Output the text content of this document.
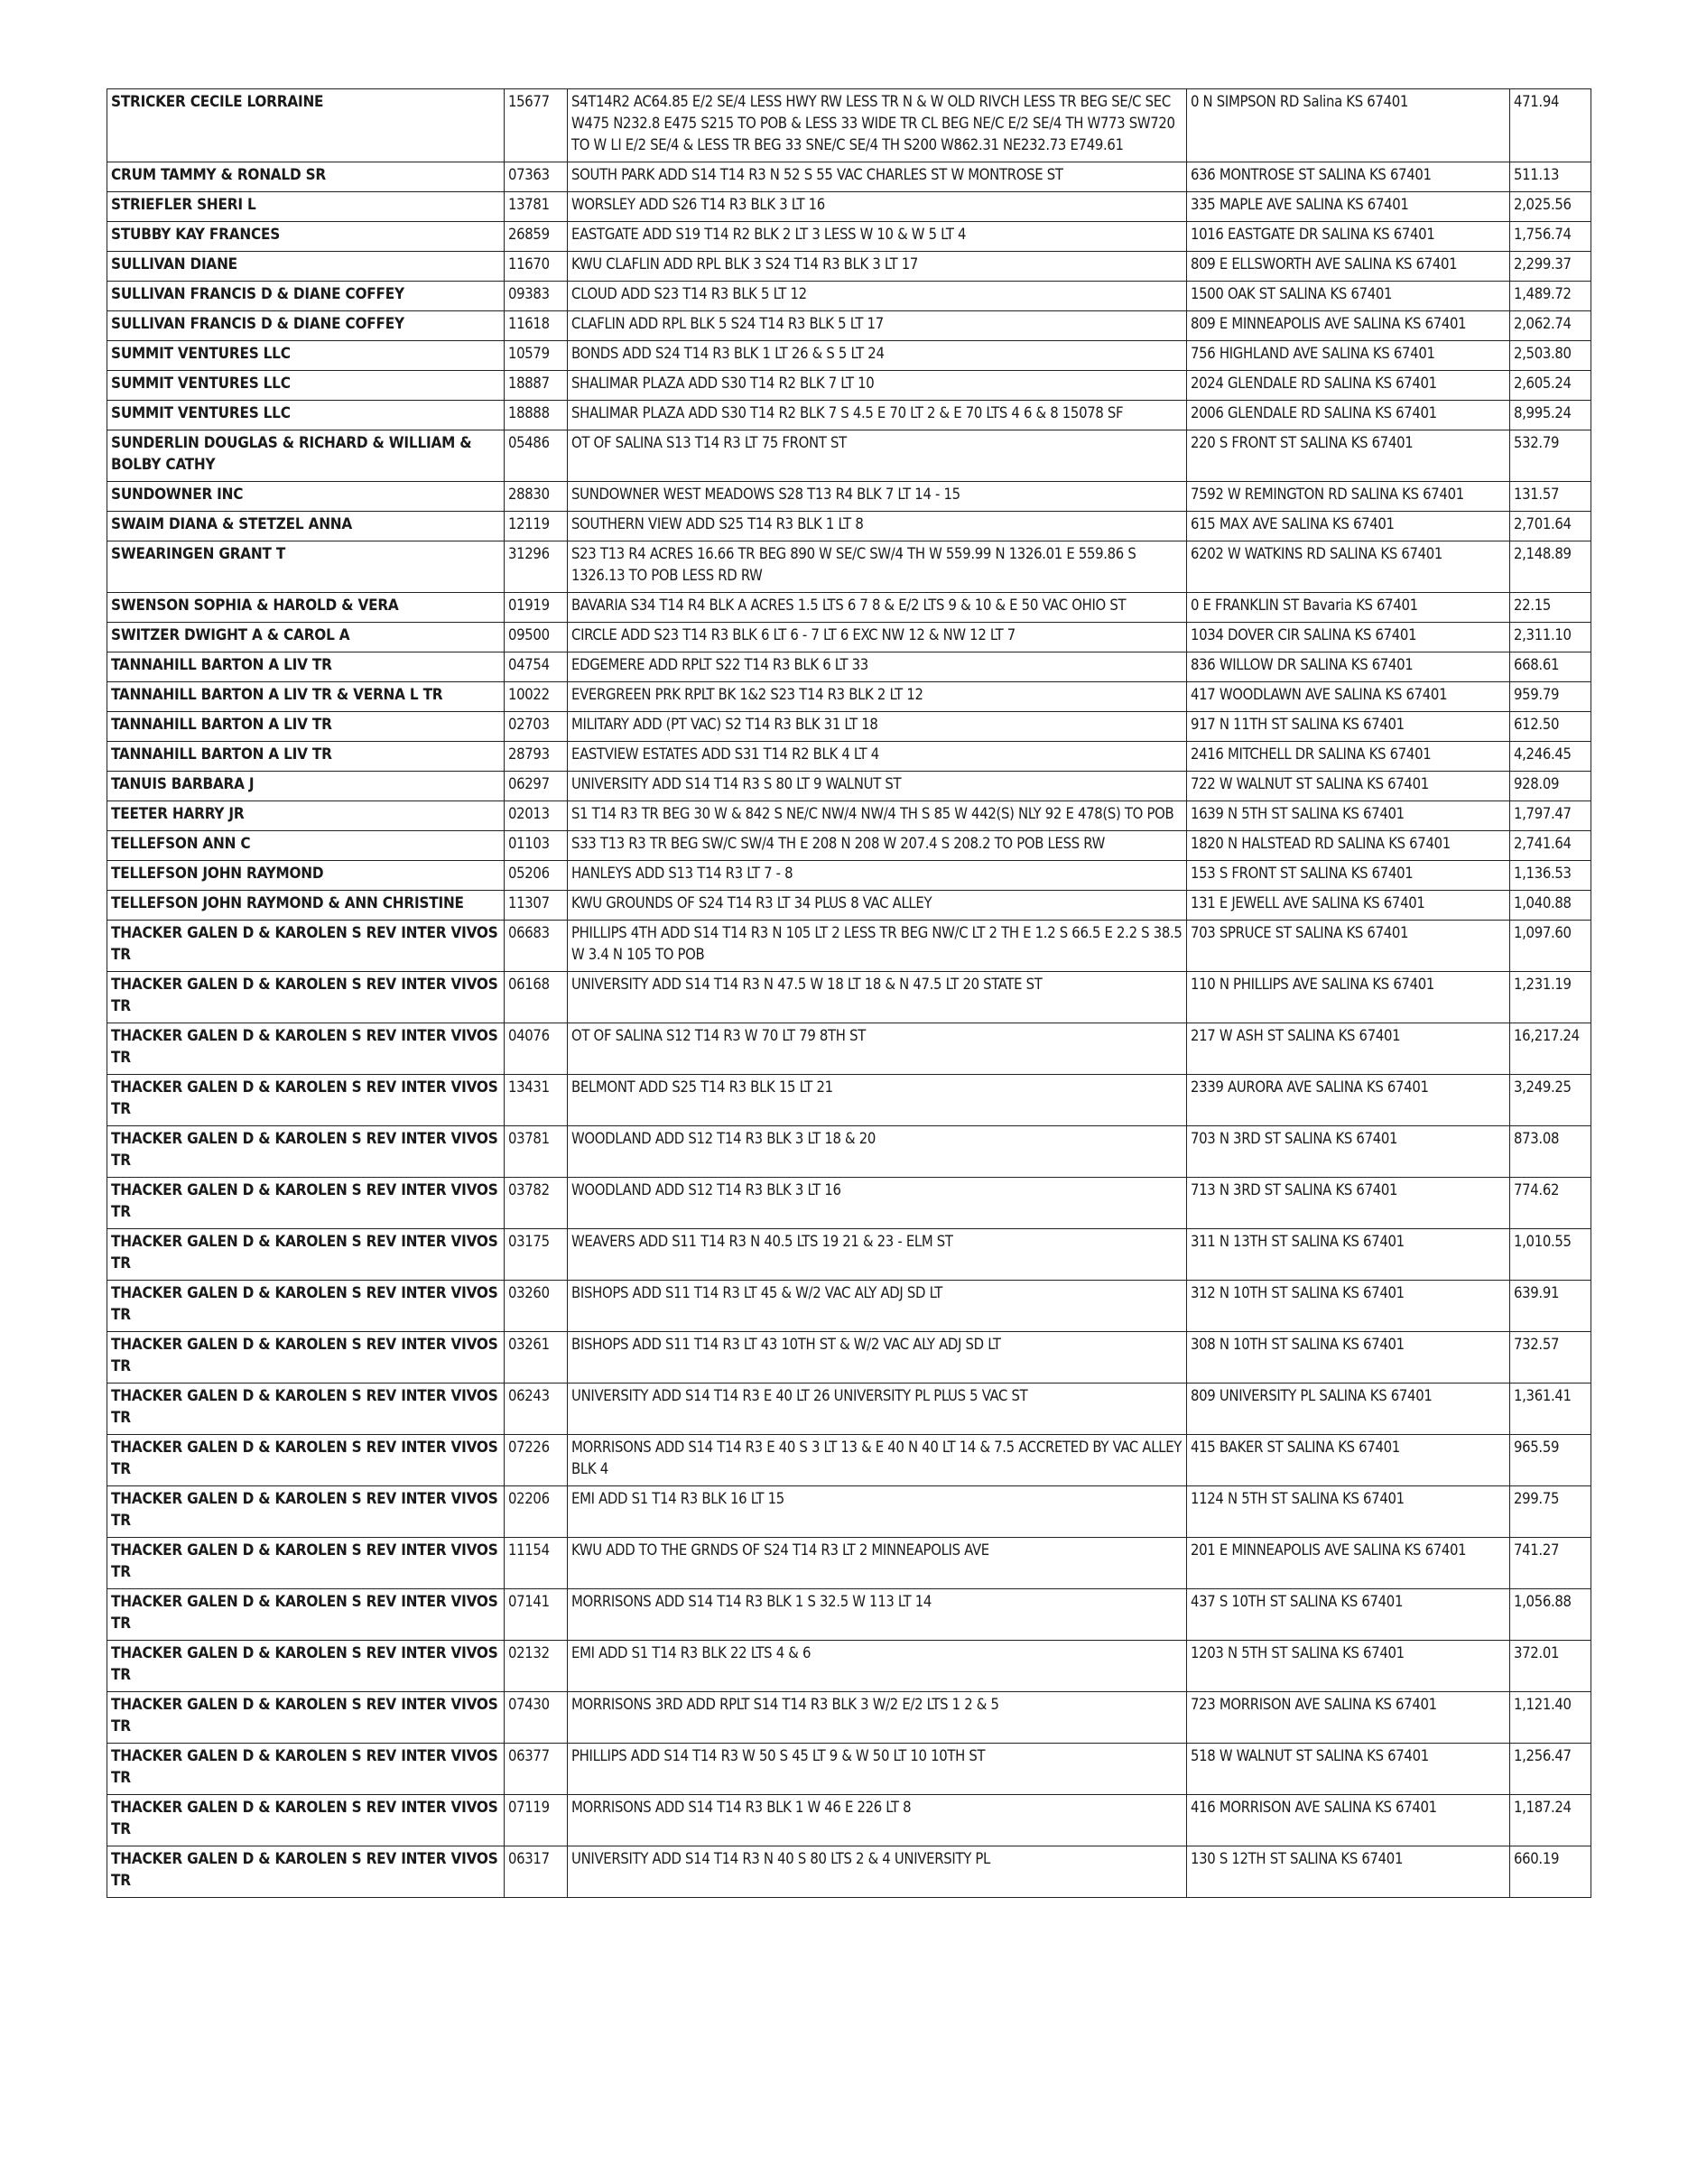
STRICKER CECILE LORRAINE	15677	S4T14R2 AC64.85 E/2 SE/4 LESS HWY RW LESS TR N & W OLD RIVCH LESS TR BEG SE/C SEC W475 N232.8 E475 S215 TO POB & LESS 33 WIDE TR CL BEG NE/C E/2 SE/4 TH W773 SW720 TO W LI E/2 SE/4 & LESS TR BEG 33 SNE/C SE/4 TH S200 W862.31 NE232.73 E749.61	0 N SIMPSON RD Salina KS 67401	471.94
CRUM TAMMY & RONALD SR	07363	SOUTH PARK ADD S14 T14 R3 N 52 S 55 VAC CHARLES ST W MONTROSE ST	636 MONTROSE ST SALINA KS 67401	511.13
STRIEFLER SHERI L	13781	WORSLEY ADD S26 T14 R3 BLK 3 LT 16	335 MAPLE AVE SALINA KS 67401	2,025.56
STUBBY KAY FRANCES	26859	EASTGATE ADD S19 T14 R2 BLK 2 LT 3 LESS W 10 & W 5 LT 4	1016 EASTGATE DR SALINA KS 67401	1,756.74
SULLIVAN DIANE	11670	KWU CLAFLIN ADD RPL BLK 3 S24 T14 R3 BLK 3 LT 17	809 E ELLSWORTH AVE SALINA KS 67401	2,299.37
SULLIVAN FRANCIS D & DIANE COFFEY	09383	CLOUD ADD S23 T14 R3 BLK 5 LT 12	1500 OAK ST SALINA KS 67401	1,489.72
SULLIVAN FRANCIS D & DIANE COFFEY	11618	CLAFLIN ADD RPL BLK 5 S24 T14 R3 BLK 5 LT 17	809 E MINNEAPOLIS AVE SALINA KS 67401	2,062.74
SUMMIT VENTURES LLC	10579	BONDS ADD S24 T14 R3 BLK 1 LT 26 & S 5 LT 24	756 HIGHLAND AVE SALINA KS 67401	2,503.80
SUMMIT VENTURES LLC	18887	SHALIMAR PLAZA ADD S30 T14 R2 BLK 7 LT 10	2024 GLENDALE RD SALINA KS 67401	2,605.24
SUMMIT VENTURES LLC	18888	SHALIMAR PLAZA ADD S30 T14 R2 BLK 7 S 4.5 E 70 LT 2 & E 70 LTS 4 6 & 8 15078 SF	2006 GLENDALE RD SALINA KS 67401	8,995.24
SUNDERLIN DOUGLAS & RICHARD & WILLIAM & BOLBY CATHY	05486	OT OF SALINA S13 T14 R3 LT 75 FRONT ST	220 S FRONT ST SALINA KS 67401	532.79
SUNDOWNER INC	28830	SUNDOWNER WEST MEADOWS S28 T13 R4 BLK 7 LT 14 - 15	7592 W REMINGTON RD SALINA KS 67401	131.57
SWAIM DIANA & STETZEL ANNA	12119	SOUTHERN VIEW ADD S25 T14 R3 BLK 1 LT 8	615 MAX AVE SALINA KS 67401	2,701.64
SWEARINGEN GRANT T	31296	S23 T13 R4 ACRES 16.66 TR BEG 890 W SE/C SW/4 TH W 559.99 N 1326.01 E 559.86 S 1326.13 TO POB LESS RD RW	6202 W WATKINS RD SALINA KS 67401	2,148.89
SWENSON SOPHIA & HAROLD & VERA	01919	BAVARIA S34 T14 R4 BLK A ACRES 1.5 LTS 6 7 8 & E/2 LTS 9 & 10 & E 50 VAC OHIO ST	0 E FRANKLIN ST Bavaria KS 67401	22.15
SWITZER DWIGHT A & CAROL A	09500	CIRCLE ADD S23 T14 R3 BLK 6 LT 6 - 7 LT 6 EXC NW 12 & NW 12 LT 7	1034 DOVER CIR SALINA KS 67401	2,311.10
TANNAHILL BARTON A LIV TR	04754	EDGEMERE ADD RPLT S22 T14 R3 BLK 6 LT 33	836 WILLOW DR SALINA KS 67401	668.61
TANNAHILL BARTON A LIV TR & VERNA L TR	10022	EVERGREEN PRK RPLT BK 1&2 S23 T14 R3 BLK 2 LT 12	417 WOODLAWN AVE SALINA KS 67401	959.79
TANNAHILL BARTON A LIV TR	02703	MILITARY ADD (PT VAC) S2 T14 R3 BLK 31 LT 18	917 N 11TH ST SALINA KS 67401	612.50
TANNAHILL BARTON A LIV TR	28793	EASTVIEW ESTATES ADD S31 T14 R2 BLK 4 LT 4	2416 MITCHELL DR SALINA KS 67401	4,246.45
TANUIS BARBARA J	06297	UNIVERSITY ADD S14 T14 R3 S 80 LT 9 WALNUT ST	722 W WALNUT ST SALINA KS 67401	928.09
TEETER HARRY JR	02013	S1 T14 R3 TR BEG 30 W & 842 S NE/C NW/4 NW/4 TH S 85 W 442(S) NLY 92 E 478(S) TO POB	1639 N 5TH ST SALINA KS 67401	1,797.47
TELLEFSON ANN C	01103	S33 T13 R3 TR BEG SW/C SW/4 TH E 208 N 208 W 207.4 S 208.2 TO POB LESS RW	1820 N HALSTEAD RD SALINA KS 67401	2,741.64
TELLEFSON JOHN RAYMOND	05206	HANLEYS ADD S13 T14 R3 LT 7 - 8	153 S FRONT ST SALINA KS 67401	1,136.53
TELLEFSON JOHN RAYMOND & ANN CHRISTINE	11307	KWU GROUNDS OF S24 T14 R3 LT 34 PLUS 8 VAC ALLEY	131 E JEWELL AVE SALINA KS 67401	1,040.88
THACKER GALEN D & KAROLEN S REV INTER VIVOS TR	06683	PHILLIPS 4TH ADD S14 T14 R3 N 105 LT 2 LESS TR BEG NW/C LT 2 TH E 1.2 S 66.5 E 2.2 S 38.5 W 3.4 N 105 TO POB	703 SPRUCE ST SALINA KS 67401	1,097.60
THACKER GALEN D & KAROLEN S REV INTER VIVOS TR	06168	UNIVERSITY ADD S14 T14 R3 N 47.5 W 18 LT 18 & N 47.5 LT 20 STATE ST	110 N PHILLIPS AVE SALINA KS 67401	1,231.19
THACKER GALEN D & KAROLEN S REV INTER VIVOS TR	04076	OT OF SALINA S12 T14 R3 W 70 LT 79 8TH ST	217 W ASH ST SALINA KS 67401	16,217.24
THACKER GALEN D & KAROLEN S REV INTER VIVOS TR	13431	BELMONT ADD S25 T14 R3 BLK 15 LT 21	2339 AURORA AVE SALINA KS 67401	3,249.25
THACKER GALEN D & KAROLEN S REV INTER VIVOS TR	03781	WOODLAND ADD S12 T14 R3 BLK 3 LT 18 & 20	703 N 3RD ST SALINA KS 67401	873.08
THACKER GALEN D & KAROLEN S REV INTER VIVOS TR	03782	WOODLAND ADD S12 T14 R3 BLK 3 LT 16	713 N 3RD ST SALINA KS 67401	774.62
THACKER GALEN D & KAROLEN S REV INTER VIVOS TR	03175	WEAVERS ADD S11 T14 R3 N 40.5 LTS 19 21 & 23 - ELM ST	311 N 13TH ST SALINA KS 67401	1,010.55
THACKER GALEN D & KAROLEN S REV INTER VIVOS TR	03260	BISHOPS ADD S11 T14 R3 LT 45 & W/2 VAC ALY ADJ SD LT	312 N 10TH ST SALINA KS 67401	639.91
THACKER GALEN D & KAROLEN S REV INTER VIVOS TR	03261	BISHOPS ADD S11 T14 R3 LT 43 10TH ST & W/2 VAC ALY ADJ SD LT	308 N 10TH ST SALINA KS 67401	732.57
THACKER GALEN D & KAROLEN S REV INTER VIVOS TR	06243	UNIVERSITY ADD S14 T14 R3 E 40 LT 26 UNIVERSITY PL PLUS 5 VAC ST	809 UNIVERSITY PL SALINA KS 67401	1,361.41
THACKER GALEN D & KAROLEN S REV INTER VIVOS TR	07226	MORRISONS ADD S14 T14 R3 E 40 S 3 LT 13 & E 40 N 40 LT 14 & 7.5 ACCRETED BY VAC ALLEY BLK 4	415 BAKER ST SALINA KS 67401	965.59
THACKER GALEN D & KAROLEN S REV INTER VIVOS TR	02206	EMI ADD S1 T14 R3 BLK 16 LT 15	1124 N 5TH ST SALINA KS 67401	299.75
THACKER GALEN D & KAROLEN S REV INTER VIVOS TR	11154	KWU ADD TO THE GRNDS OF S24 T14 R3 LT 2 MINNEAPOLIS AVE	201 E MINNEAPOLIS AVE SALINA KS 67401	741.27
THACKER GALEN D & KAROLEN S REV INTER VIVOS TR	07141	MORRISONS ADD S14 T14 R3 BLK 1 S 32.5 W 113 LT 14	437 S 10TH ST SALINA KS 67401	1,056.88
THACKER GALEN D & KAROLEN S REV INTER VIVOS TR	02132	EMI ADD S1 T14 R3 BLK 22 LTS 4 & 6	1203 N 5TH ST SALINA KS 67401	372.01
THACKER GALEN D & KAROLEN S REV INTER VIVOS TR	07430	MORRISONS 3RD ADD RPLT S14 T14 R3 BLK 3 W/2 E/2 LTS 1 2 & 5	723 MORRISON AVE SALINA KS 67401	1,121.40
THACKER GALEN D & KAROLEN S REV INTER VIVOS TR	06377	PHILLIPS ADD S14 T14 R3 W 50 S 45 LT 9 & W 50 LT 10 10TH ST	518 W WALNUT ST SALINA KS 67401	1,256.47
THACKER GALEN D & KAROLEN S REV INTER VIVOS TR	07119	MORRISONS ADD S14 T14 R3 BLK 1 W 46 E 226 LT 8	416 MORRISON AVE SALINA KS 67401	1,187.24
THACKER GALEN D & KAROLEN S REV INTER VIVOS TR	06317	UNIVERSITY ADD S14 T14 R3 N 40 S 80 LTS 2 & 4 UNIVERSITY PL	130 S 12TH ST SALINA KS 67401	660.19
